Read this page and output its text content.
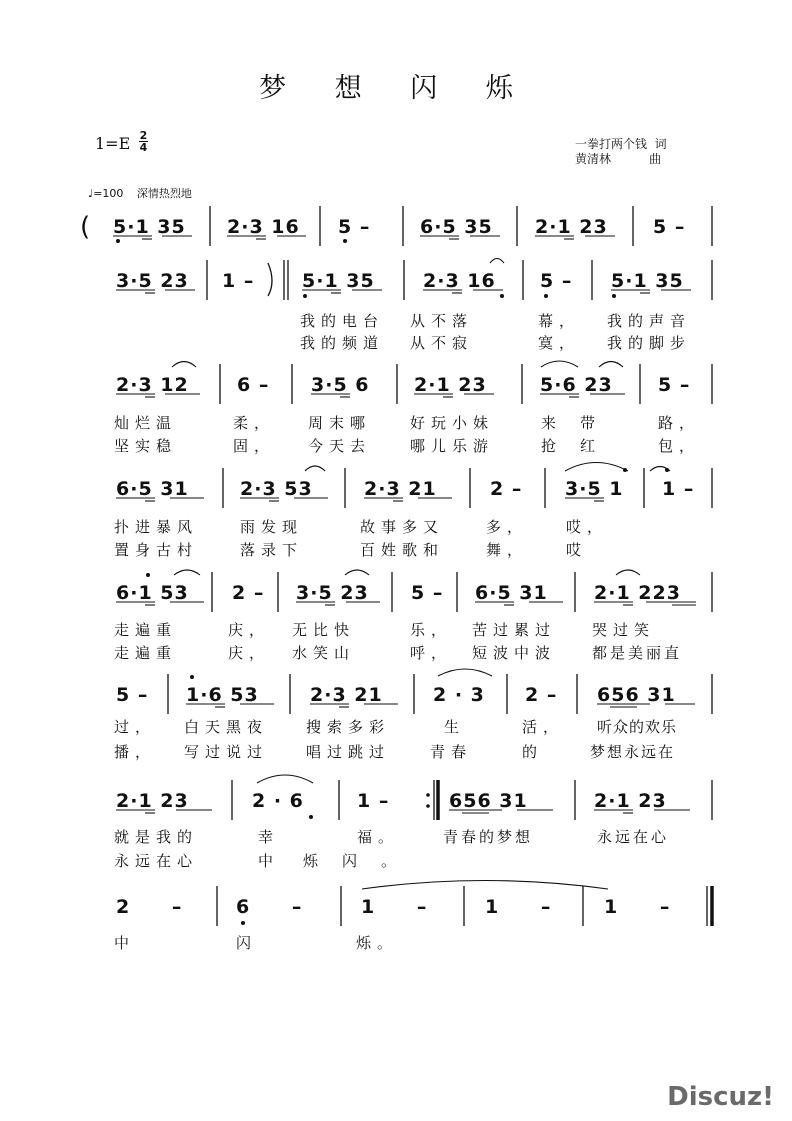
梦 想 闪 烁
1=E 2
4	一拳打两个钱  词
黄清林          曲
♩=100 深情热烈地
( 5·1 35 2·3 16 5 –	6·5 35 2·1 23 5 –
3·5 23 1 –	5·1 35	2·3 16 5 – 5·1 35
我的电台 从不落	幕， 我的声音
我的频道 从不寂	寞， 我的脚步
2·3 12	6 – 3·5 6 2·1 23	5·6 23 5 –
灿烂温	柔， 周末哪	好玩小妹	来带	路，
坚实稳	固， 今天去	哪儿乐游	抢红	包，
6·5 31	2·3 53	2·3 21	2 – 3·5 1 1 –
扑进暴风	雨发现	故事多又	多，	哎，
置身古村	落录下	百姓歌和	舞，	哎
6·1 53 2 – 3·5 23 5 – 6·5 31 2·1 223
走遍重	庆， 无比快	乐， 苦过累过 哭过笑
走遍重	庆， 水笑山	呼， 短波中波 都是美丽直
5 – 1·6 53	2·3 21	2 · 3 2 – 656 31
过， 白天黑夜	搜索多彩	生	活， 听众的欢乐
播， 写过说过	唱过跳过	青春	的	梦想永远在
2·1 23	2 · 6	1 –	656 31	2·1 23
就是我的	幸	福。	青春的梦想	永远在心
永远在心	中 烁闪。
2 – 6 – 1 – 1 – 1 –
中	闪	烁。
Discuz!
